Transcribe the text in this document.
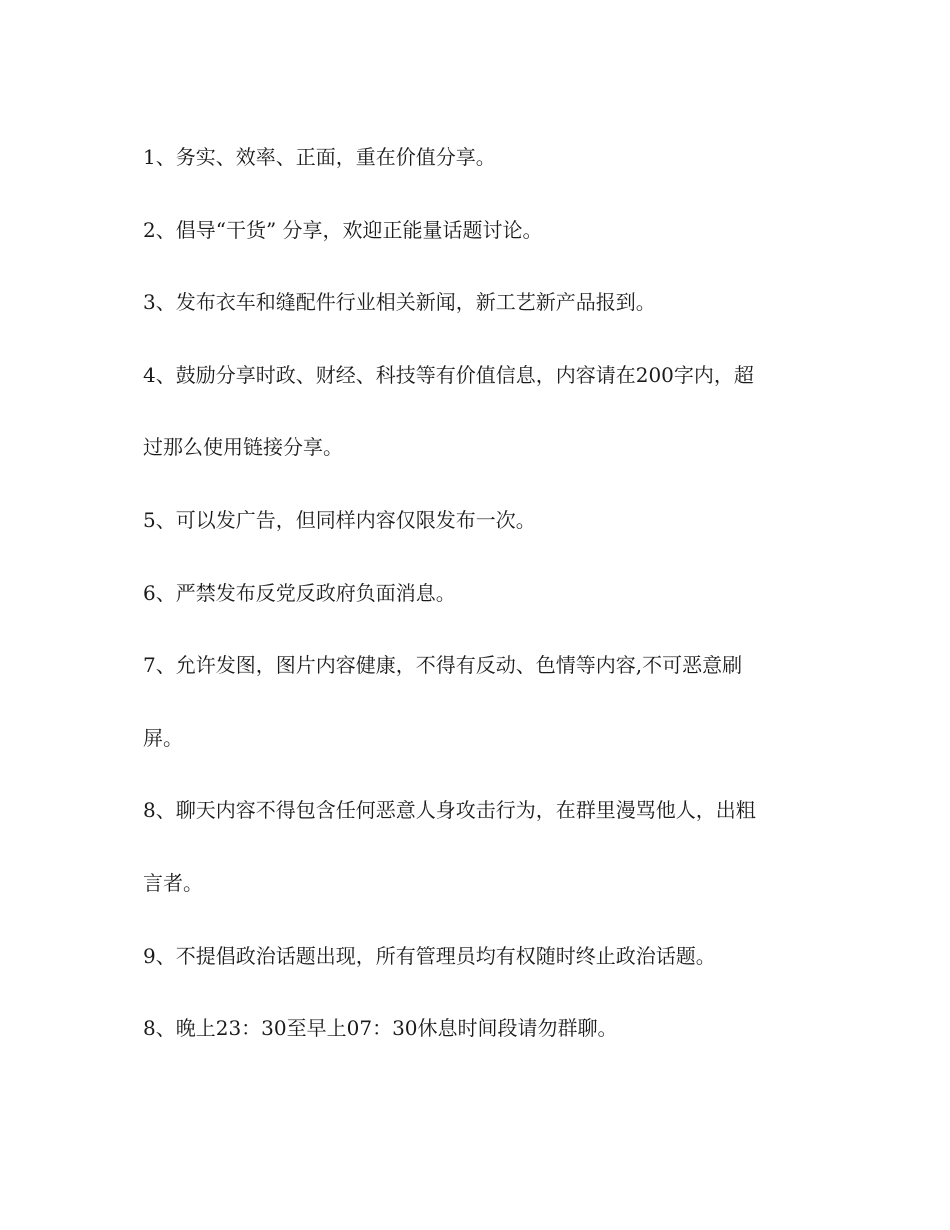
1、务实、效率、正面，重在价值分享。

2、倡导“干货” 分享，欢迎正能量话题讨论。

3、发布衣车和缝配件行业相关新闻，新工艺新产品报到。

4、鼓励分享时政、财经、科技等有价值信息，内容请在200字内，超

过那么使用链接分享。

5、可以发广告，但同样内容仅限发布一次。

6、严禁发布反党反政府负面消息。

7、允许发图，图片内容健康，不得有反动、色情等内容,不可恶意刷

屏。

8、聊天内容不得包含任何恶意人身攻击行为，在群里漫骂他人，出粗

言者。

9、不提倡政治话题出现，所有管理员均有权随时终止政治话题。

8、晚上23：30至早上07：30休息时间段请勿群聊。
